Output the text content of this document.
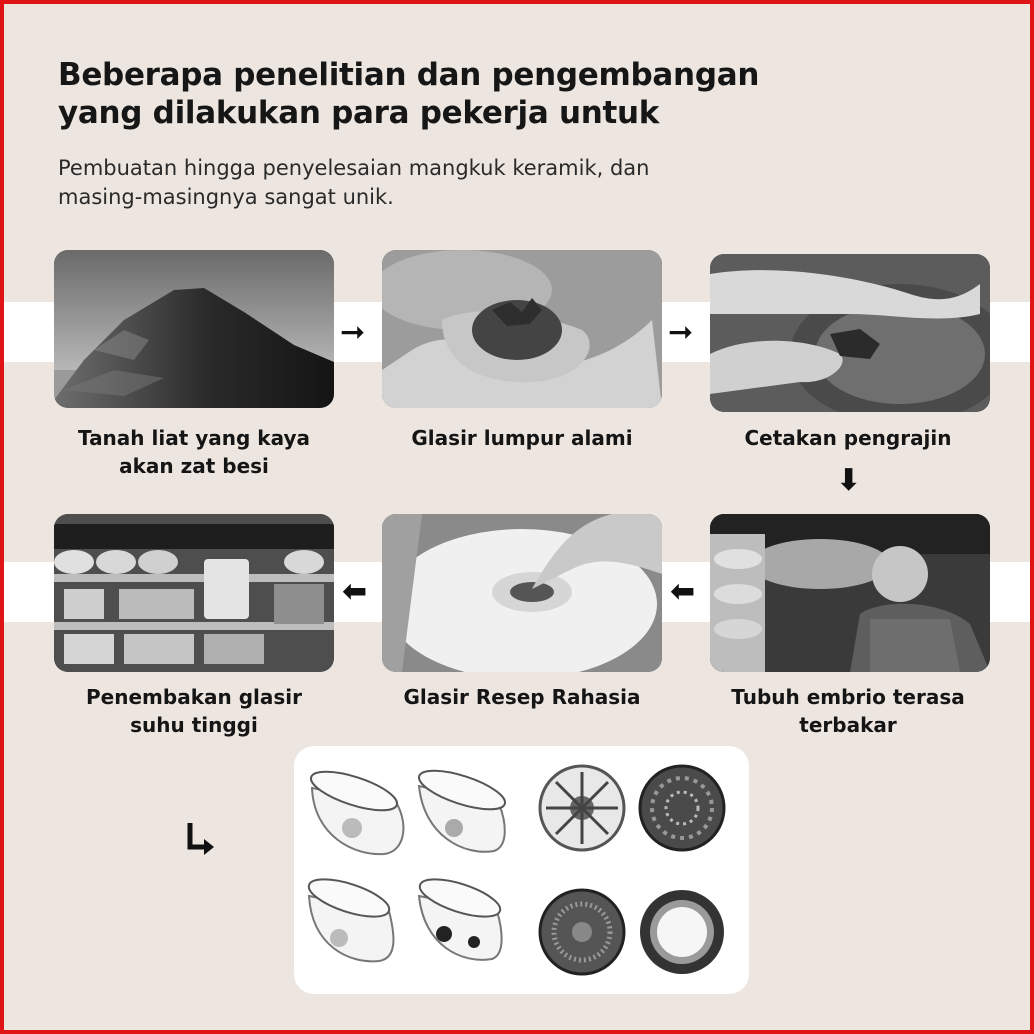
Beberapa penelitian dan pengembangan
yang dilakukan para pekerja untuk
Pembuatan hingga penyelesaian mangkuk keramik, dan
masing-masingnya sangat unik.
➞	➞
Tanah liat yang kaya
akan zat besi
Glasir lumpur alami	Cetakan pengrajin
⬇
⬅	⬅
Penembakan glasir
suhu tinggi
Glasir Resep Rahasia	Tubuh embrio terasa
terbakar
